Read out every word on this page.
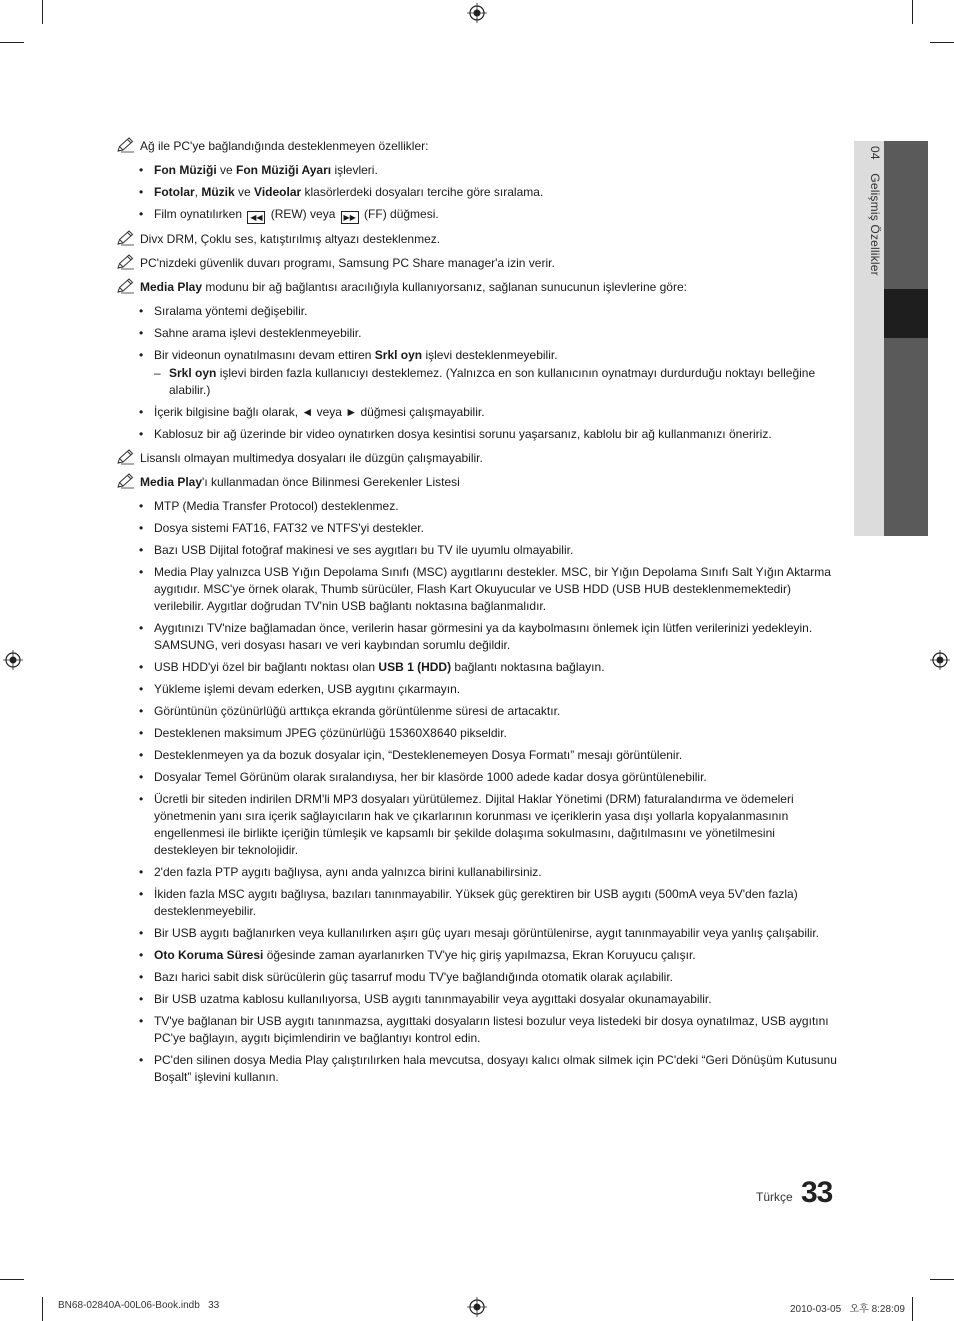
04 Gelişmiş Özellikler
Ağ ile PC'ye bağlandığında desteklenmeyen özellikler:
• Fon Müziği ve Fon Müziği Ayarı işlevleri.
• Fotolar, Müzik ve Videolar klasörlerdeki dosyaları tercihe göre sıralama.
• Film oynatılırken ◀◀ (REW) veya ▶▶ (FF) düğmesi.
Divx DRM, Çoklu ses, katıştırılmış altyazı desteklenmez.
PC'nizdeki güvenlik duvarı programı, Samsung PC Share manager'a izin verir.
Media Play modunu bir ağ bağlantısı aracılığıyla kullanıyorsanız, sağlanan sunucunun işlevlerine göre:
• Sıralama yöntemi değişebilir.
• Sahne arama işlevi desteklenmeyebilir.
• Bir videonun oynatılmasını devam ettiren Srkl oyn işlevi desteklenmeyebilir.
– Srkl oyn işlevi birden fazla kullanıcıyı desteklemez. (Yalnızca en son kullanıcının oynatmayı durdurduğu noktayı belleğine alabilir.)
• İçerik bilgisine bağlı olarak, ◄ veya ► düğmesi çalışmayabilir.
• Kablosuz bir ağ üzerinde bir video oynatırken dosya kesintisi sorunu yaşarsanız, kablolu bir ağ kullanmanızı öneririz.
Lisanslı olmayan multimedya dosyaları ile düzgün çalışmayabilir.
Media Play'ı kullanmadan önce Bilinmesi Gerekenler Listesi
• MTP (Media Transfer Protocol) desteklenmez.
• Dosya sistemi FAT16, FAT32 ve NTFS'yi destekler.
• Bazı USB Dijital fotoğraf makinesi ve ses aygıtları bu TV ile uyumlu olmayabilir.
• Media Play yalnızca USB Yığın Depolama Sınıfı (MSC) aygıtlarını destekler. MSC, bir Yığın Depolama Sınıfı Salt Yığın Aktarma aygıtıdır. MSC'ye örnek olarak, Thumb sürücüler, Flash Kart Okuyucular ve USB HDD (USB HUB desteklenmemektedir) verilebilir. Aygıtlar doğrudan TV'nin USB bağlantı noktasına bağlanmalıdır.
• Aygıtınızı TV'nize bağlamadan önce, verilerin hasar görmesini ya da kaybolmasını önlemek için lütfen verilerinizi yedekleyin. SAMSUNG, veri dosyası hasarı ve veri kaybından sorumlu değildir.
• USB HDD'yi özel bir bağlantı noktası olan USB 1 (HDD) bağlantı noktasına bağlayın.
• Yükleme işlemi devam ederken, USB aygıtını çıkarmayın.
• Görüntünün çözünürlüğü arttıkça ekranda görüntülenme süresi de artacaktır.
• Desteklenen maksimum JPEG çözünürlüğü 15360X8640 pikseldir.
• Desteklenmeyen ya da bozuk dosyalar için, “Desteklenemeyen Dosya Formatı” mesajı görüntülenir.
• Dosyalar Temel Görünüm olarak sıralandıysa, her bir klasörde 1000 adede kadar dosya görüntülenebilir.
• Ücretli bir siteden indirilen DRM'li MP3 dosyaları yürütülemez. Dijital Haklar Yönetimi (DRM) faturalandırma ve ödemeleri yönetmenin yanı sıra içerik sağlayıcıların hak ve çıkarlarının korunması ve içeriklerin yasa dışı yollarla kopyalanmasının engellenmesi ile birlikte içeriğin tümleşik ve kapsamlı bir şekilde dolaşıma sokulmasını, dağıtılmasını ve yönetilmesini destekleyen bir teknolojidir.
• 2'den fazla PTP aygıtı bağlıysa, aynı anda yalnızca birini kullanabilirsiniz.
• İkiden fazla MSC aygıtı bağlıysa, bazıları tanınmayabilir. Yüksek güç gerektiren bir USB aygıtı (500mA veya 5V'den fazla) desteklenmeyebilir.
• Bir USB aygıtı bağlanırken veya kullanılırken aşırı güç uyarı mesajı görüntülenirse, aygıt tanınmayabilir veya yanlış çalışabilir.
• Oto Koruma Süresi öğesinde zaman ayarlanırken TV'ye hiç giriş yapılmazsa, Ekran Koruyucu çalışır.
• Bazı harici sabit disk sürücülerin güç tasarruf modu TV'ye bağlandığında otomatik olarak açılabilir.
• Bir USB uzatma kablosu kullanılıyorsa, USB aygıtı tanınmayabilir veya aygıttaki dosyalar okunamayabilir.
• TV'ye bağlanan bir USB aygıtı tanınmazsa, aygıttaki dosyaların listesi bozulur veya listedeki bir dosya oynatılmaz, USB aygıtını PC'ye bağlayın, aygıtı biçimlendirin ve bağlantıyı kontrol edin.
• PC'den silinen dosya Media Play çalıştırılırken hala mevcutsa, dosyayı kalıcı olmak silmek için PC'deki “Geri Dönüşüm Kutusunu Boşalt” işlevini kullanın.
Türkçe 33
BN68-02840A-00L06-Book.indb   33	2010-03-05   오후 8:28:09
